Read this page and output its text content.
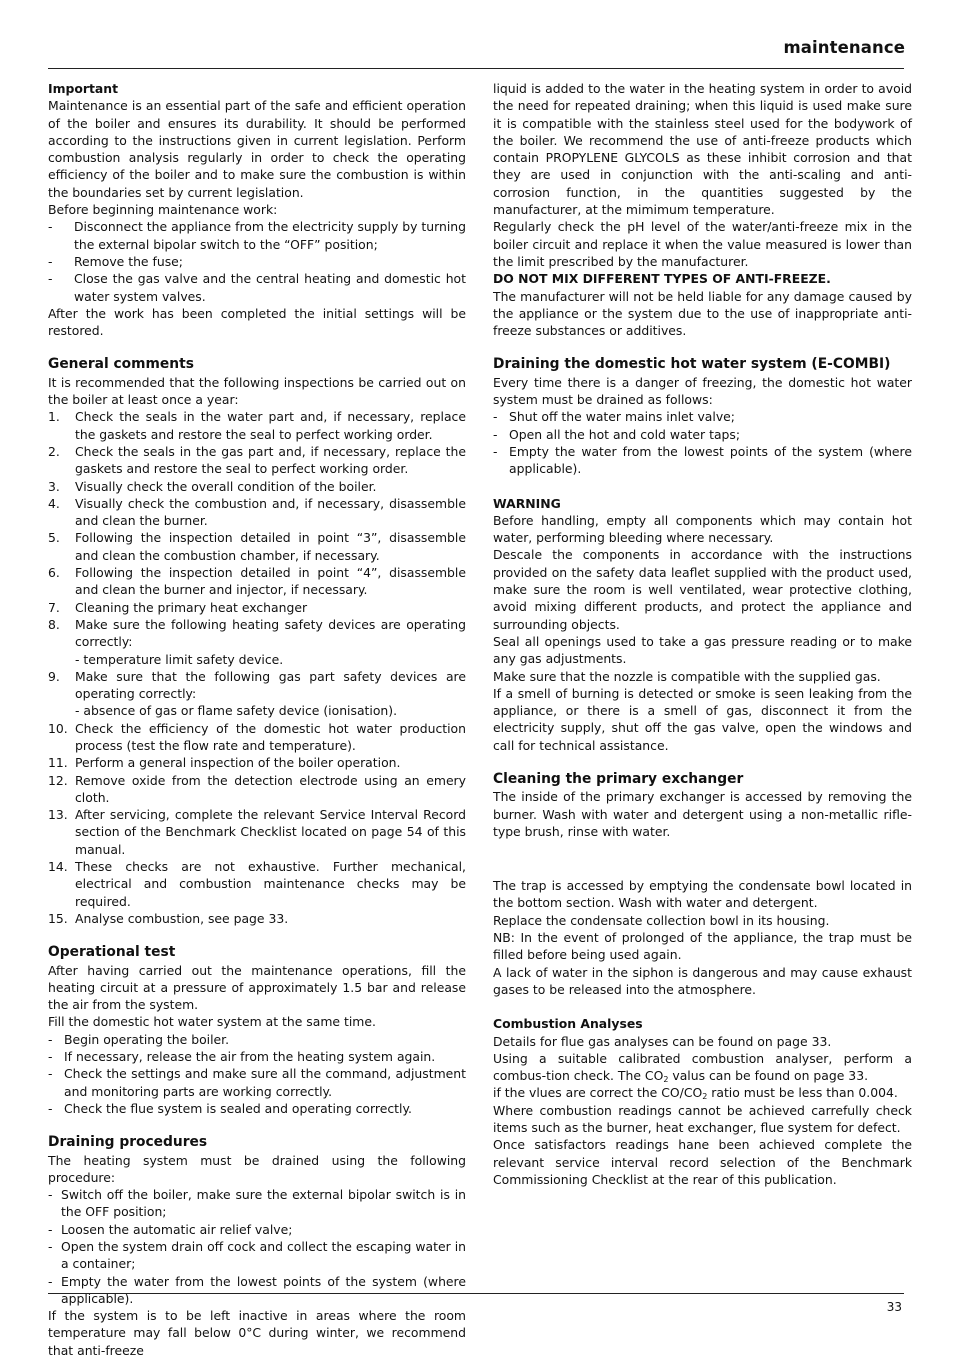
maintenance
Important

Maintenance is an essential part of the safe and efficient operation of the boiler and ensures its durability. It should be performed according to the instructions given in current legislation. Perform combustion analysis regularly in order to check the operating efficiency of the boiler and to make sure the combustion is within the boundaries set by current legislation.

Before beginning maintenance work:

-	Disconnect the appliance from the electricity supply by turning the external bipolar switch to the “OFF” position;
-	Remove the fuse;
-	Close the gas valve and the central heating and domestic hot water system valves.

After the work has been completed the initial settings will be restored.

General comments

It is recommended that the following inspections be carried out on the boiler at least once a year:

1.	Check the seals in the water part and, if necessary, replace the gaskets and restore the seal to perfect working order.
2.	Check the seals in the gas part and, if necessary, replace the gaskets and restore the seal to perfect working order.
3.	Visually check the overall condition of the boiler.
4.	Visually check the combustion and, if necessary, disassemble and clean the burner.
5.	Following the inspection detailed in point “3”, disassemble and clean the combustion chamber, if necessary.
6.	Following the inspection detailed in point “4”, disassemble and clean the burner and injector, if necessary.
7.	Cleaning the primary heat exchanger
8.	Make sure the following heating safety devices are operating correctly:
- temperature limit safety device.
9.	Make sure that the following gas part safety devices are operating correctly:
- absence of gas or flame safety device (ionisation).
10. Check the efficiency of the domestic hot water production process (test the flow rate and temperature).
11. Perform a general inspection of the boiler operation.
12. Remove oxide from the detection electrode using an emery cloth.
13. After servicing, complete the relevant Service Interval Record section of the Benchmark Checklist located on page 54 of this manual.
14. These checks are not exhaustive. Further mechanical, electrical and combustion maintenance checks may be required.
15. Analyse combustion, see page 33.
Operational test

After having carried out the maintenance operations, fill the heating circuit at a pressure of approximately 1.5 bar and release the air from the system.

Fill the domestic hot water system at the same time.

- Begin operating the boiler.
- If necessary, release the air from the heating system again.
- Check the settings and make sure all the command, adjustment and monitoring parts are working correctly.
- Check the flue system is sealed and operating correctly.
Draining procedures

The heating system must be drained using the following procedure:

- Switch off the boiler, make sure the external bipolar switch is in the OFF position;
- Loosen the automatic air relief valve;
- Open the system drain off cock and collect the escaping water in a container;
- Empty the water from the lowest points of the system (where applicable).

If the system is to be left inactive in areas where the room temperature may fall below 0°C during winter, we recommend that anti-freeze

liquid is added to the water in the heating system in order to avoid the need for repeated draining; when this liquid is used make sure it is compatible with the stainless steel used for the bodywork of the boiler. We recommend the use of anti-freeze products which contain PROPYLENE GLYCOLS as these inhibit corrosion and that they are used in conjunction with the anti-scaling and anti-corrosion function, in the quantities suggested by the manufacturer, at the mimimum temperature.

Regularly check the pH level of the water/anti-freeze mix in the boiler circuit and replace it when the value measured is lower than the limit prescribed by the manufacturer.

DO NOT MIX DIFFERENT TYPES OF ANTI-FREEZE.

The manufacturer will not be held liable for any damage caused by the appliance or the system due to the use of inappropriate anti-freeze substances or additives.

Draining the domestic hot water system (E-COMBI)

Every time there is a danger of freezing, the domestic hot water system must be drained as follows:

- Shut off the water mains inlet valve;
- Open all the hot and cold water taps;
- Empty the water from the lowest points of the system (where applicable).
WARNING

Before handling, empty all components which may contain hot water, performing bleeding where necessary.

Descale the components in accordance with the instructions provided on the safety data leaflet supplied with the product used, make sure the room is well ventilated, wear protective clothing, avoid mixing different products, and protect the appliance and surrounding objects.

Seal all openings used to take a gas pressure reading or to make any gas adjustments.

Make sure that the nozzle is compatible with the supplied gas.

If a smell of burning is detected or smoke is seen leaking from the appliance, or there is a smell of gas, disconnect it from the electricity supply, shut off the gas valve, open the windows and call for technical assistance.

Cleaning the primary exchanger

The inside of the primary exchanger is accessed by removing the burner. Wash with water and detergent using a non-metallic rifle-type brush, rinse with water.

The trap is accessed by emptying the condensate bowl located in the bottom section. Wash with water and detergent.

Replace the condensate collection bowl in its housing.

NB: In the event of prolonged of the appliance, the trap must be filled before being used again.

A lack of water in the siphon is dangerous and may cause exhaust gases to be released into the atmosphere.

Combustion Analyses

Details for flue gas analyses can be found on page 33.

Using a suitable calibrated combustion analyser, perform a combus-tion check. The $CO_2$ valus can be found on page 33.

if the vlues are correct the $CO/CO_2$ ratio must be less than 0.004.

Where combustion readings cannot be achieved carrefully check items such as the burner, heat exchanger, flue system for defect.

Once satisfactors readings hane been achieved complete the relevant service interval record selection of the Benchmark Commissioning Checklist at the rear of this publication.

33
